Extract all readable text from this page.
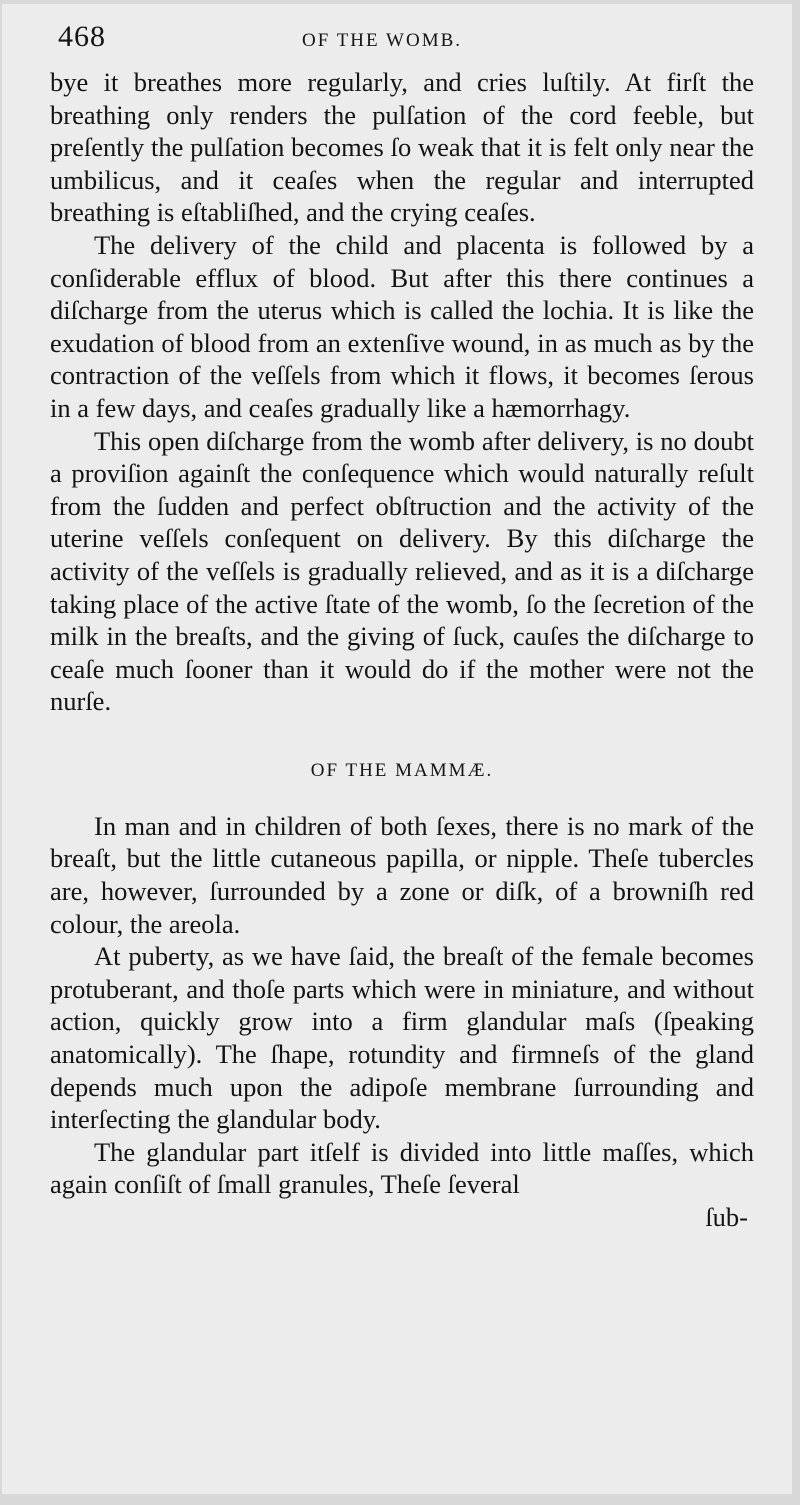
468	OF THE WOMB.

bye it breathes more regularly, and cries luſtily. At firſt the breathing only renders the pulſation of the cord feeble, but preſently the pulſation becomes ſo weak that it is felt only near the umbilicus, and it ceaſes when the regular and interrupted breathing is eſtabliſhed, and the crying ceaſes.

The delivery of the child and placenta is followed by a conſiderable efflux of blood. But after this there continues a diſcharge from the uterus which is called the lochia. It is like the exudation of blood from an extenſive wound, in as much as by the contraction of the veſſels from which it flows, it becomes ſerous in a few days, and ceaſes gradually like a hæmorrhagy.

This open diſcharge from the womb after delivery, is no doubt a proviſion againſt the conſequence which would naturally reſult from the ſudden and perfect obſtruction and the activity of the uterine veſſels conſequent on delivery. By this diſcharge the activity of the veſſels is gradually relieved, and as it is a diſcharge taking place of the active ſtate of the womb, ſo the ſecretion of the milk in the breaſts, and the giving of ſuck, cauſes the diſcharge to ceaſe much ſooner than it would do if the mother were not the nurſe.

OF THE MAMMÆ.

In man and in children of both ſexes, there is no mark of the breaſt, but the little cutaneous papilla, or nipple. Theſe tubercles are, however, ſurrounded by a zone or diſk, of a browniſh red colour, the areola.

At puberty, as we have ſaid, the breaſt of the female becomes protuberant, and thoſe parts which were in miniature, and without action, quickly grow into a firm glandular maſs (ſpeaking anatomically). The ſhape, rotundity and firmneſs of the gland depends much upon the adipoſe membrane ſurrounding and interſecting the glandular body.

The glandular part itſelf is divided into little maſſes, which again conſiſt of ſmall granules, Theſe ſeveral

ſub-
